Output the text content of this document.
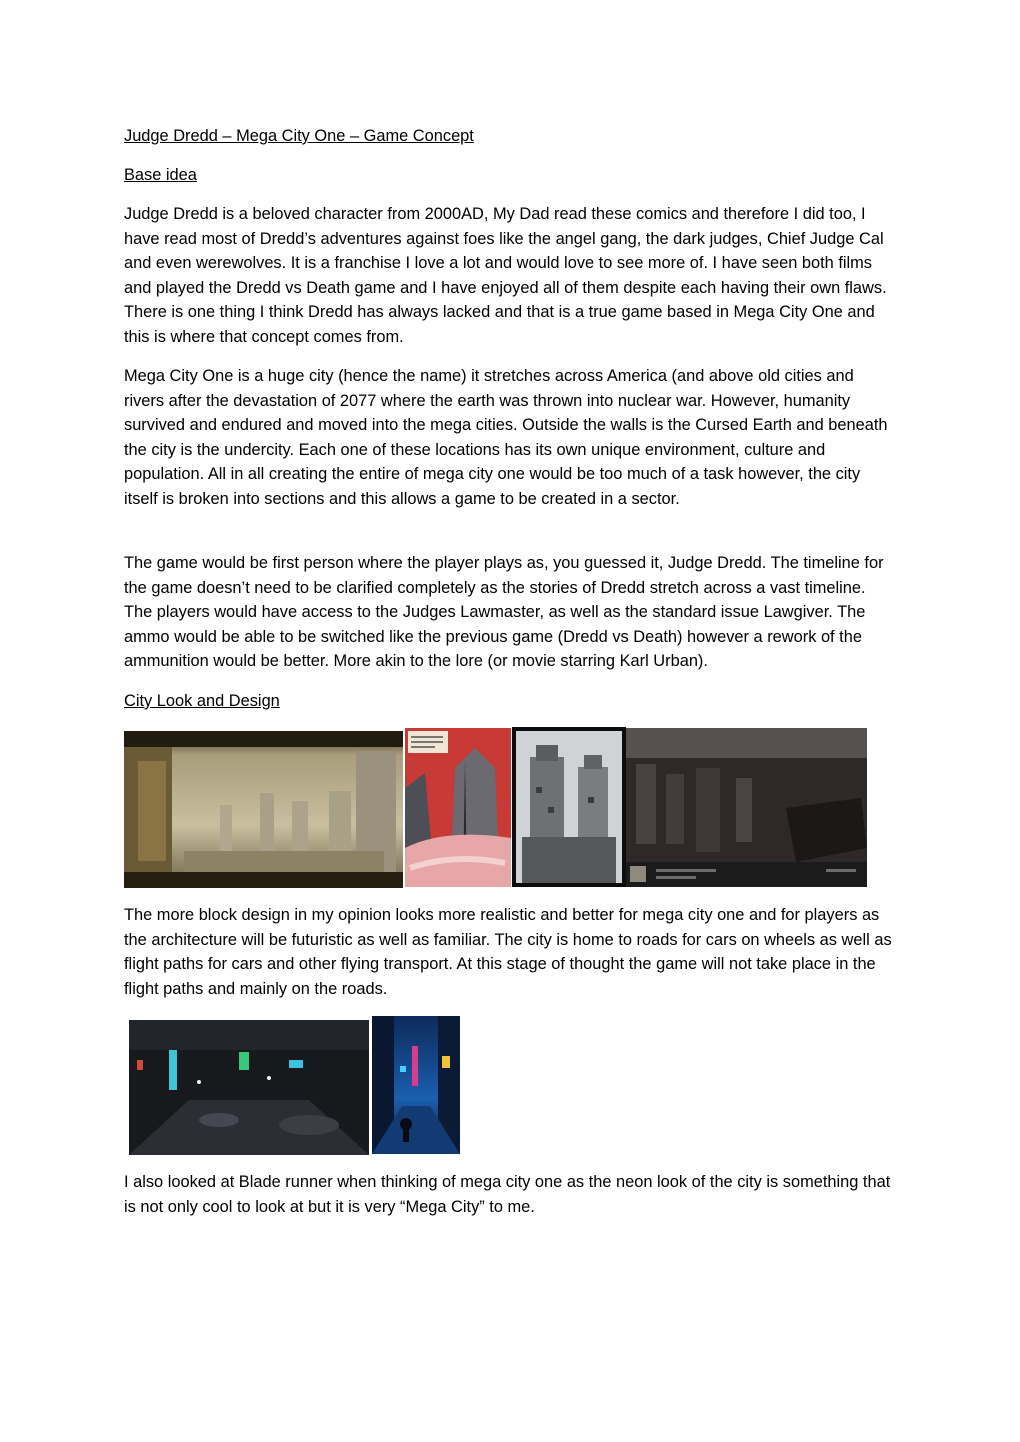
Judge Dredd – Mega City One – Game Concept

Base idea

Judge Dredd is a beloved character from 2000AD, My Dad read these comics and therefore I did too, I have read most of Dredd’s adventures against foes like the angel gang, the dark judges, Chief Judge Cal and even werewolves. It is a franchise I love a lot and would love to see more of. I have seen both films and played the Dredd vs Death game and I have enjoyed all of them despite each having their own flaws. There is one thing I think Dredd has always lacked and that is a true game based in Mega City One and this is where that concept comes from.

Mega City One is a huge city (hence the name) it stretches across America (and above old cities and rivers after the devastation of 2077 where the earth was thrown into nuclear war. However, humanity survived and endured and moved into the mega cities. Outside the walls is the Cursed Earth and beneath the city is the undercity. Each one of these locations has its own unique environment, culture and population. All in all creating the entire of mega city one would be too much of a task however, the city itself is broken into sections and this allows a game to be created in a sector.

The game would be first person where the player plays as, you guessed it, Judge Dredd. The timeline for the game doesn’t need to be clarified completely as the stories of Dredd stretch across a vast timeline. The players would have access to the Judges Lawmaster, as well as the standard issue Lawgiver. The ammo would be able to be switched like the previous game (Dredd vs Death) however a rework of the ammunition would be better. More akin to the lore (or movie starring Karl Urban).

City Look and Design

The more block design in my opinion looks more realistic and better for mega city one and for players as the architecture will be futuristic as well as familiar. The city is home to roads for cars on wheels as well as flight paths for cars and other flying transport. At this stage of thought the game will not take place in the flight paths and mainly on the roads.

I also looked at Blade runner when thinking of mega city one as the neon look of the city is something that is not only cool to look at but it is very “Mega City” to me.
